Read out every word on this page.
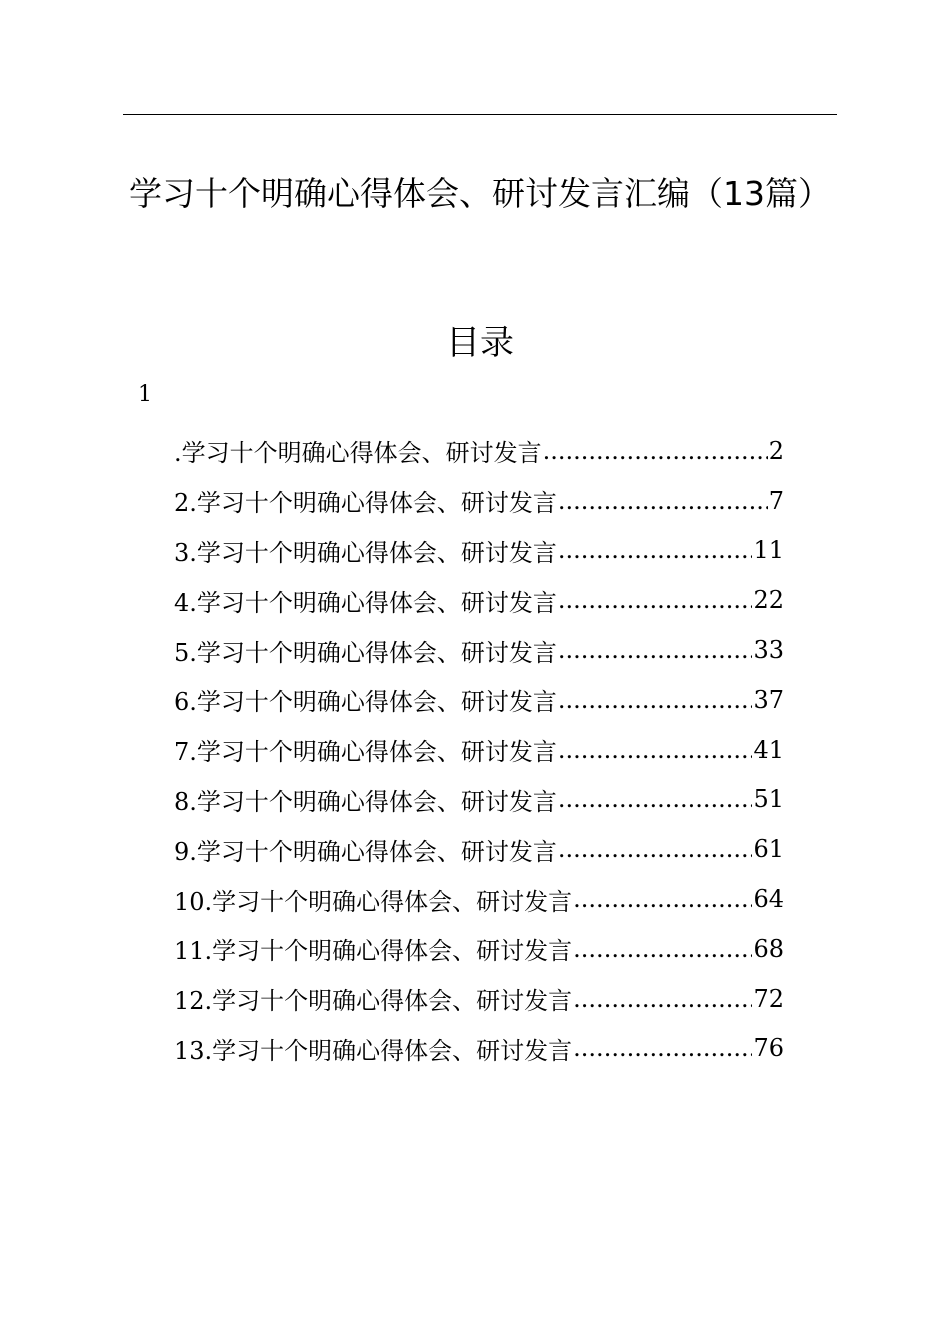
学习十个明确心得体会、研讨发言汇编（13篇）
目录
1
.学习十个明确心得体会、研讨发言 .....	2
2.学习十个明确心得体会、研讨发言 .....	7
3.学习十个明确心得体会、研讨发言 .....	11
4.学习十个明确心得体会、研讨发言 .....	22
5.学习十个明确心得体会、研讨发言 .....	33
6.学习十个明确心得体会、研讨发言 .....	37
7.学习十个明确心得体会、研讨发言 .....	41
8.学习十个明确心得体会、研讨发言 .....	51
9.学习十个明确心得体会、研讨发言 .....	61
10.学习十个明确心得体会、研讨发言 .....	64
11.学习十个明确心得体会、研讨发言 .....	68
12.学习十个明确心得体会、研讨发言 .....	72
13.学习十个明确心得体会、研讨发言 .....	76
